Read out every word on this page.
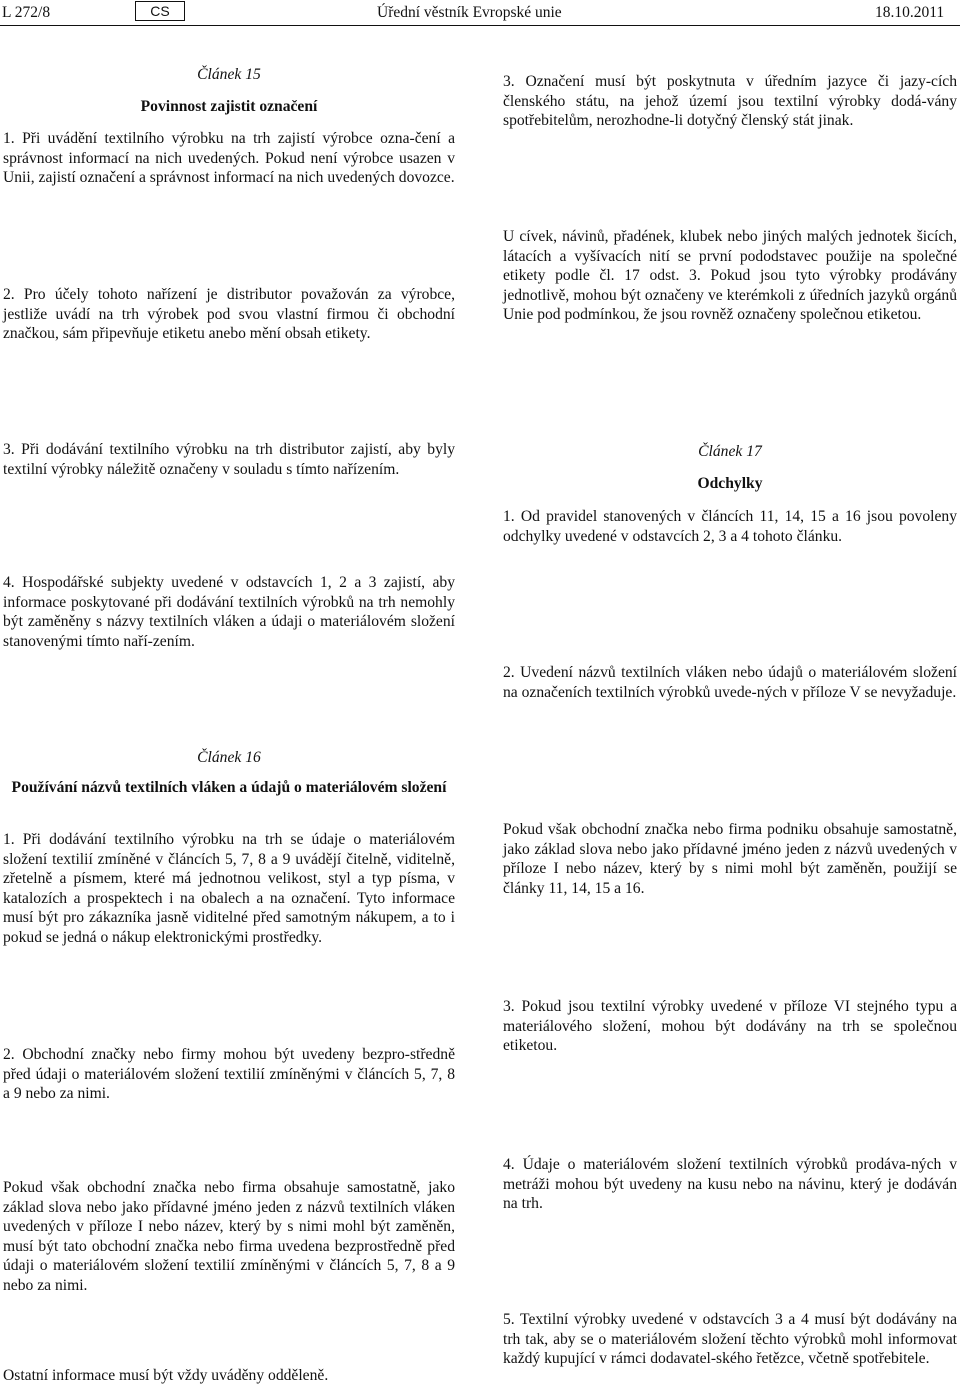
L 272/8	CS	Úřední věstník Evropské unie	18.10.2011
Článek 15
Povinnost zajistit označení
1. Při uvádění textilního výrobku na trh zajistí výrobce ozna-čení a správnost informací na nich uvedených. Pokud není výrobce usazen v Unii, zajistí označení a správnost informací na nich uvedených dovozce.
2. Pro účely tohoto nařízení je distributor považován za výrobce, jestliže uvádí na trh výrobek pod svou vlastní firmou či obchodní značkou, sám připevňuje etiketu anebo mění obsah etikety.
3. Při dodávání textilního výrobku na trh distributor zajistí, aby byly textilní výrobky náležitě označeny v souladu s tímto nařízením.
4. Hospodářské subjekty uvedené v odstavcích 1, 2 a 3 zajistí, aby informace poskytované při dodávání textilních výrobků na trh nemohly být zaměněny s názvy textilních vláken a údaji o materiálovém složení stanovenými tímto naří-zením.
Článek 16
Používání názvů textilních vláken a údajů o materiálovém složení
1. Při dodávání textilního výrobku na trh se údaje o materiálovém složení textilií zmíněné v článcích 5, 7, 8 a 9 uvádějí čitelně, viditelně, zřetelně a písmem, které má jednotnou velikost, styl a typ písma, v katalozích a prospektech i na obalech a na označení. Tyto informace musí být pro zákazníka jasně viditelné před samotným nákupem, a to i pokud se jedná o nákup elektronickými prostředky.
2. Obchodní značky nebo firmy mohou být uvedeny bezpro-středně před údaji o materiálovém složení textilií zmíněnými v článcích 5, 7, 8 a 9 nebo za nimi.
Pokud však obchodní značka nebo firma obsahuje samostatně, jako základ slova nebo jako přídavné jméno jeden z názvů textilních vláken uvedených v příloze I nebo název, který by s nimi mohl být zaměněn, musí být tato obchodní značka nebo firma uvedena bezprostředně před údaji o materiálovém složení textilií zmíněnými v článcích 5, 7, 8 a 9 nebo za nimi.
Ostatní informace musí být vždy uváděny odděleně.
3. Označení musí být poskytnuta v úředním jazyce či jazy-cích členského státu, na jehož území jsou textilní výrobky dodá-vány spotřebitelům, nerozhodne-li dotyčný členský stát jinak.
U cívek, návinů, přadének, klubek nebo jiných malých jednotek šicích, látacích a vyšívacích nití se první pododstavec použije na společné etikety podle čl. 17 odst. 3. Pokud jsou tyto výrobky prodávány jednotlivě, mohou být označeny ve kterémkoli z úředních jazyků orgánů Unie pod podmínkou, že jsou rovněž označeny společnou etiketou.
Článek 17
Odchylky
1. Od pravidel stanovených v článcích 11, 14, 15 a 16 jsou povoleny odchylky uvedené v odstavcích 2, 3 a 4 tohoto článku.
2. Uvedení názvů textilních vláken nebo údajů o materiálovém složení na označeních textilních výrobků uvede-ných v příloze V se nevyžaduje.
Pokud však obchodní značka nebo firma podniku obsahuje samostatně, jako základ slova nebo jako přídavné jméno jeden z názvů uvedených v příloze I nebo název, který by s nimi mohl být zaměněn, použijí se články 11, 14, 15 a 16.
3. Pokud jsou textilní výrobky uvedené v příloze VI stejného typu a materiálového složení, mohou být dodávány na trh se společnou etiketou.
4. Údaje o materiálovém složení textilních výrobků prodáva-ných v metráži mohou být uvedeny na kusu nebo na návinu, který je dodáván na trh.
5. Textilní výrobky uvedené v odstavcích 3 a 4 musí být dodávány na trh tak, aby se o materiálovém složení těchto výrobků mohl informovat každý kupující v rámci dodavatel-ského řetězce, včetně spotřebitele.
